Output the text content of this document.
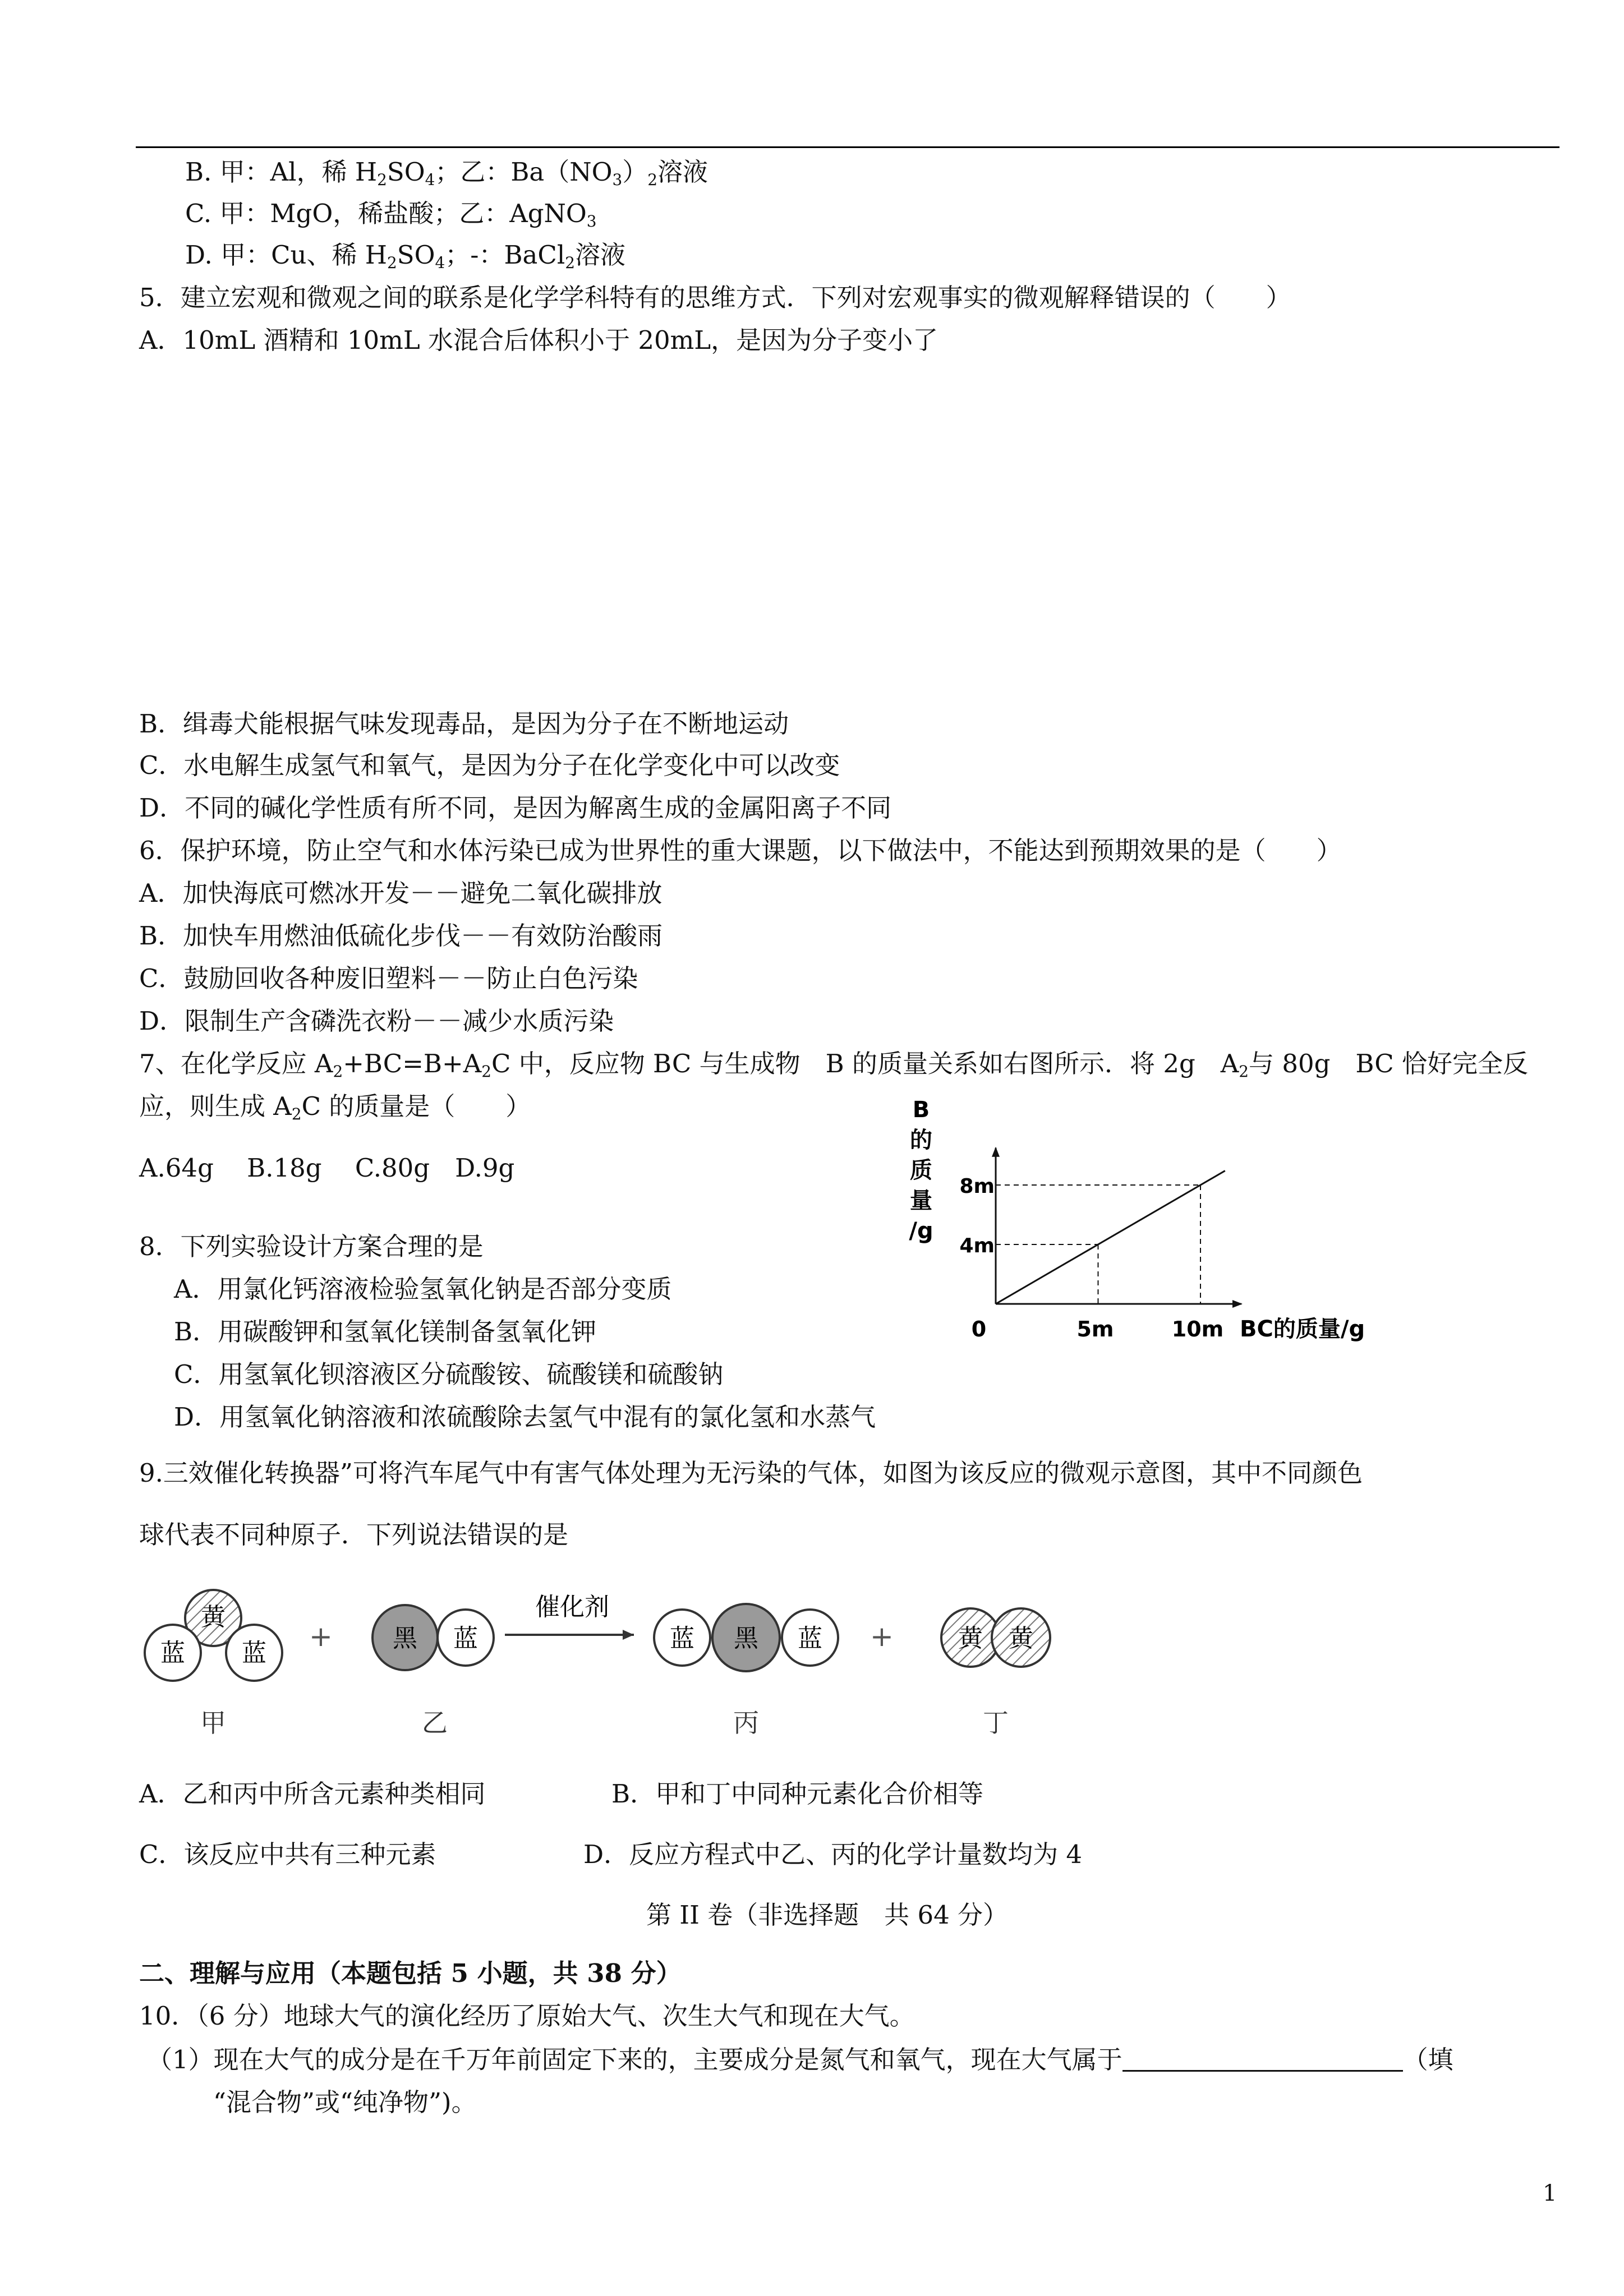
B. 甲：Al，稀 $H_2SO_4$；乙：$Ba(NO_3)_2$溶液
C. 甲：MgO，稀盐酸；乙：AgNO$_3$
D. 甲：Cu、稀 $H_2SO_4$；-：BaCl$_2$溶液
5．建立宏观和微观之间的联系是化学学科特有的思维方式．下列对宏观事实的微观解释错误的（　　）
A．10mL 酒精和 10mL 水混合后体积小于 20mL，是因为分子变小了
B．缉毒犬能根据气味发现毒品，是因为分子在不断地运动
C．水电解生成氢气和氧气，是因为分子在化学变化中可以改变
D．不同的碱化学性质有所不同，是因为解离生成的金属阳离子不同
6．保护环境，防止空气和水体污染已成为世界性的重大课题，以下做法中，不能达到预期效果的是（　　）
A．加快海底可燃冰开发－－避免二氧化碳排放
B．加快车用燃油低硫化步伐－－有效防治酸雨
C．鼓励回收各种废旧塑料－－防止白色污染
D．限制生产含磷洗衣粉－－减少水质污染
7、在化学反应 $A_2+BC=B+A_2C$ 中，反应物 BC 与生成物　B 的质量关系如右图所示．将 2g　$A_2$与 80g　BC 恰好完全反
应，则生成 $A_2C$ 的质量是（　　）
A.64g　 B.18g　 C.80g　D.9g
5m	10m
4m
8m
0	BC的质量/g
B
的
质
量
/g
8．下列实验设计方案合理的是
A．用氯化钙溶液检验氢氧化钠是否部分变质
B．用碳酸钾和氢氧化镁制备氢氧化钾
C．用氢氧化钡溶液区分硫酸铵、硫酸镁和硫酸钠
D．用氢氧化钠溶液和浓硫酸除去氢气中混有的氯化氢和水蒸气
9.三效催化转换器”可将汽车尾气中有害气体处理为无污染的气体，如图为该反应的微观示意图，其中不同颜色
球代表不同种原子．下列说法错误的是
黄
蓝 蓝
+ 黑 蓝
催化剂
蓝	蓝
黑	+	黄 黄
甲	乙	丙	丁
A．乙和丙中所含元素种类相同	B．甲和丁中同种元素化合价相等
C．该反应中共有三种元素	D．反应方程式中乙、丙的化学计量数均为 4
第 II 卷（非选择题　共 64 分）
二、理解与应用（本题包括 5 小题，共 38 分）
10．（6 分）地球大气的演化经历了原始大气、次生大气和现在大气。
（1）现在大气的成分是在千万年前固定下来的，主要成分是氮气和氧气，现在大气属于	（填
“混合物”或“纯净物”)。
1
